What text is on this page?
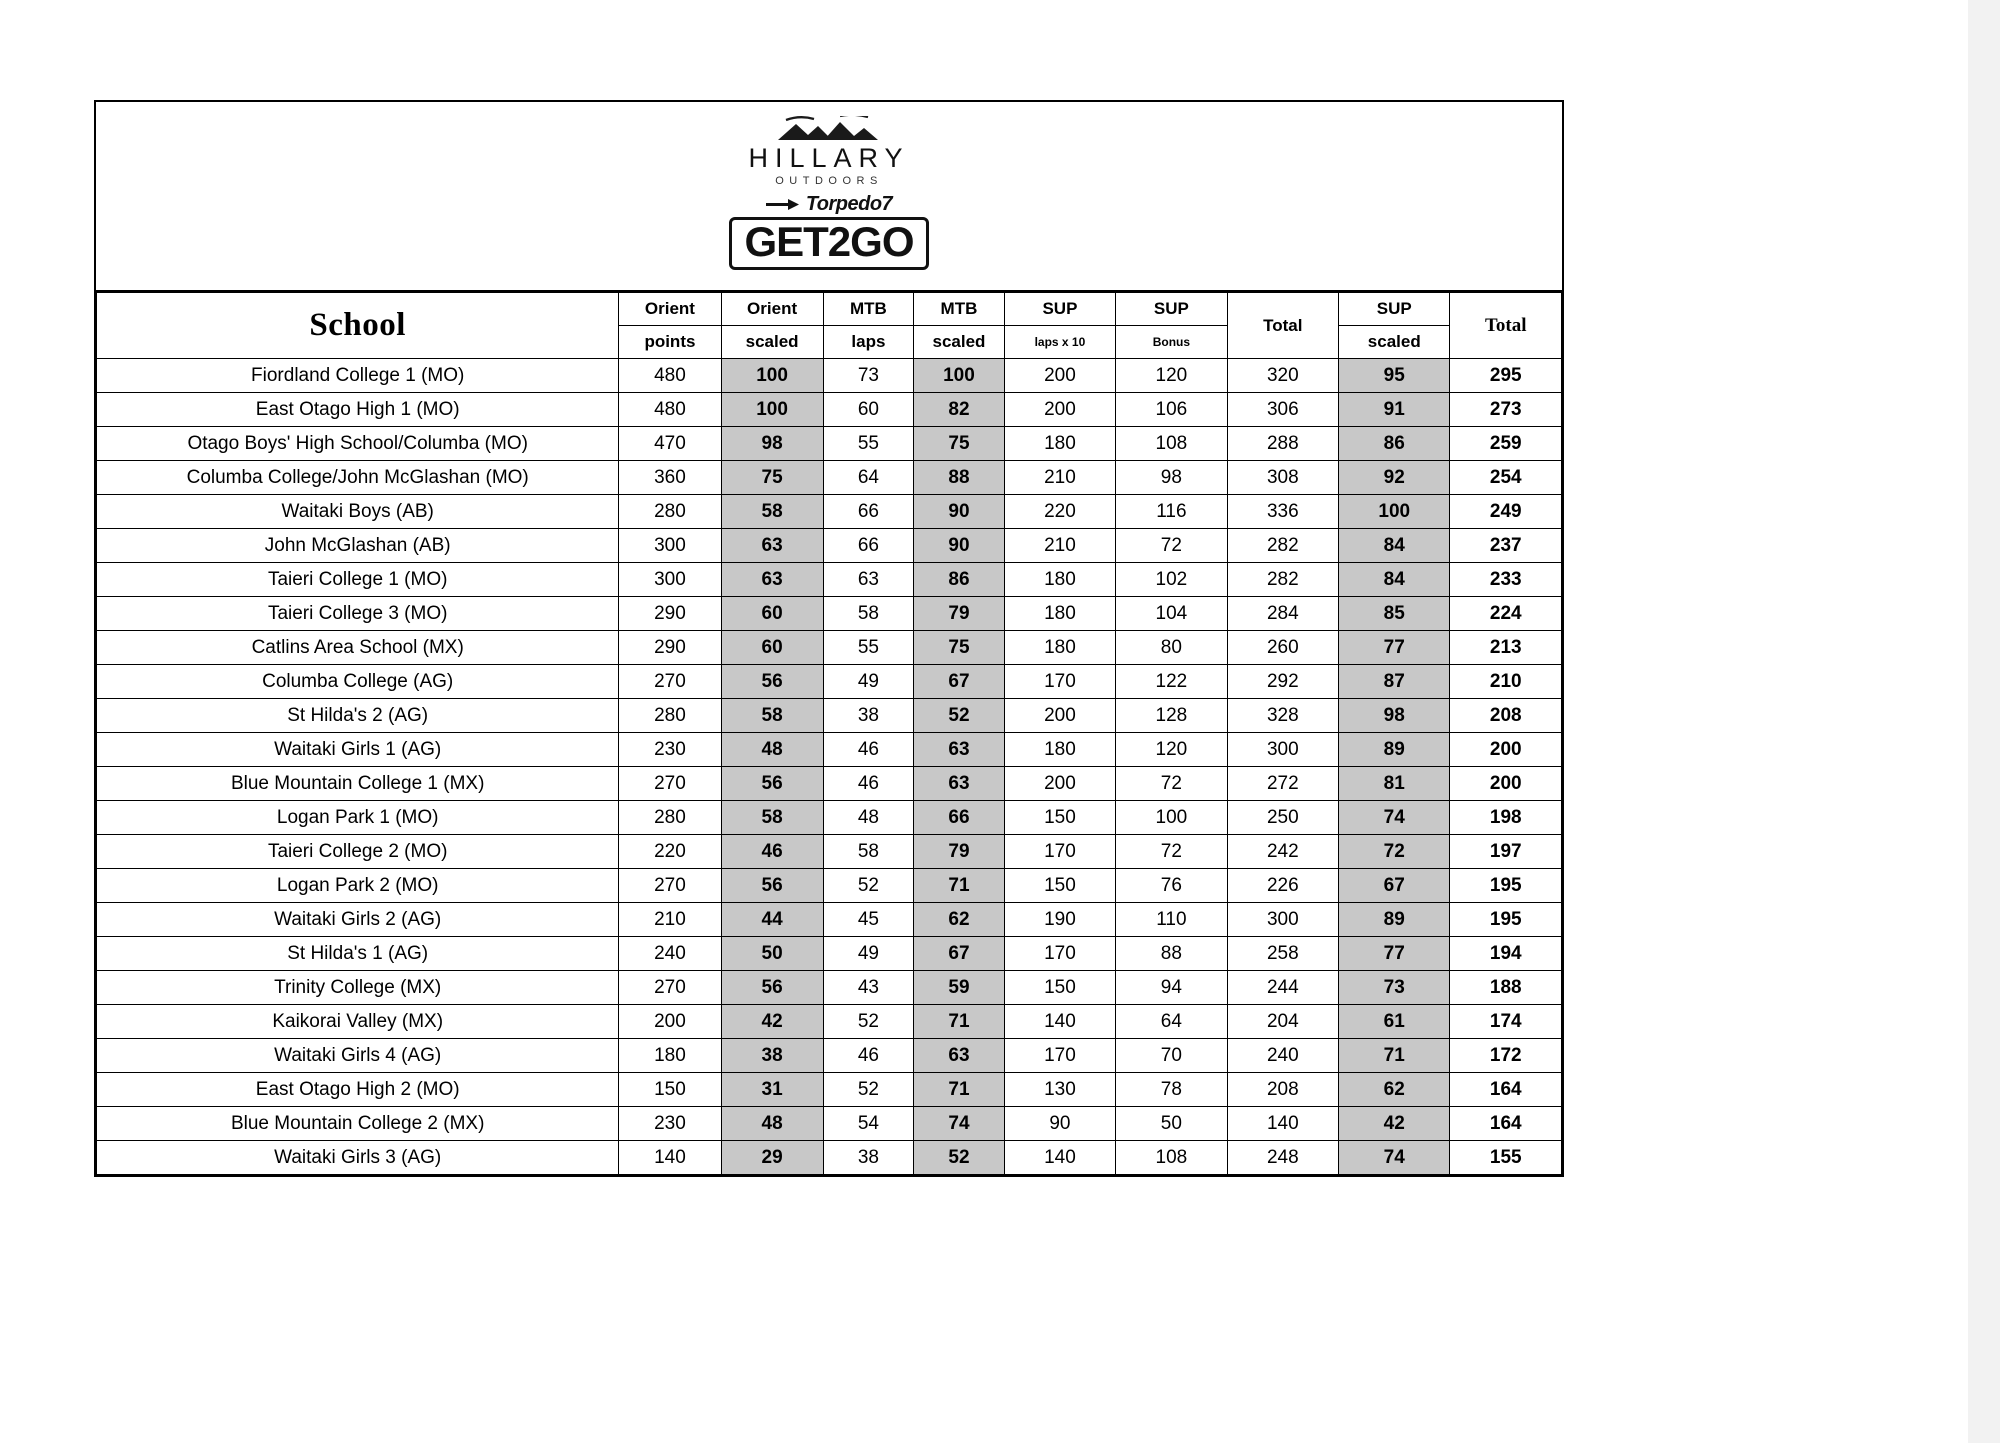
HILLARY
OUTDOORS
Torpedo7
GET2GO
School	Orient	Orient	MTB	MTB	SUP	SUP	Total	SUP	Total
	points	scaled	laps	scaled	laps x 10	Bonus		scaled	
Fiordland College 1 (MO)	480	100	73	100	200	120	320	95	295
East Otago High 1 (MO)	480	100	60	82	200	106	306	91	273
Otago Boys' High School/Columba (MO)	470	98	55	75	180	108	288	86	259
Columba College/John McGlashan (MO)	360	75	64	88	210	98	308	92	254
Waitaki Boys (AB)	280	58	66	90	220	116	336	100	249
John McGlashan (AB)	300	63	66	90	210	72	282	84	237
Taieri College 1 (MO)	300	63	63	86	180	102	282	84	233
Taieri College 3 (MO)	290	60	58	79	180	104	284	85	224
Catlins Area School (MX)	290	60	55	75	180	80	260	77	213
Columba College (AG)	270	56	49	67	170	122	292	87	210
St Hilda's 2 (AG)	280	58	38	52	200	128	328	98	208
Waitaki Girls 1 (AG)	230	48	46	63	180	120	300	89	200
Blue Mountain College 1 (MX)	270	56	46	63	200	72	272	81	200
Logan Park 1 (MO)	280	58	48	66	150	100	250	74	198
Taieri College 2 (MO)	220	46	58	79	170	72	242	72	197
Logan Park 2 (MO)	270	56	52	71	150	76	226	67	195
Waitaki Girls 2 (AG)	210	44	45	62	190	110	300	89	195
St Hilda's 1 (AG)	240	50	49	67	170	88	258	77	194
Trinity College (MX)	270	56	43	59	150	94	244	73	188
Kaikorai Valley (MX)	200	42	52	71	140	64	204	61	174
Waitaki Girls 4 (AG)	180	38	46	63	170	70	240	71	172
East Otago High 2 (MO)	150	31	52	71	130	78	208	62	164
Blue Mountain College 2 (MX)	230	48	54	74	90	50	140	42	164
Waitaki Girls 3 (AG)	140	29	38	52	140	108	248	74	155
